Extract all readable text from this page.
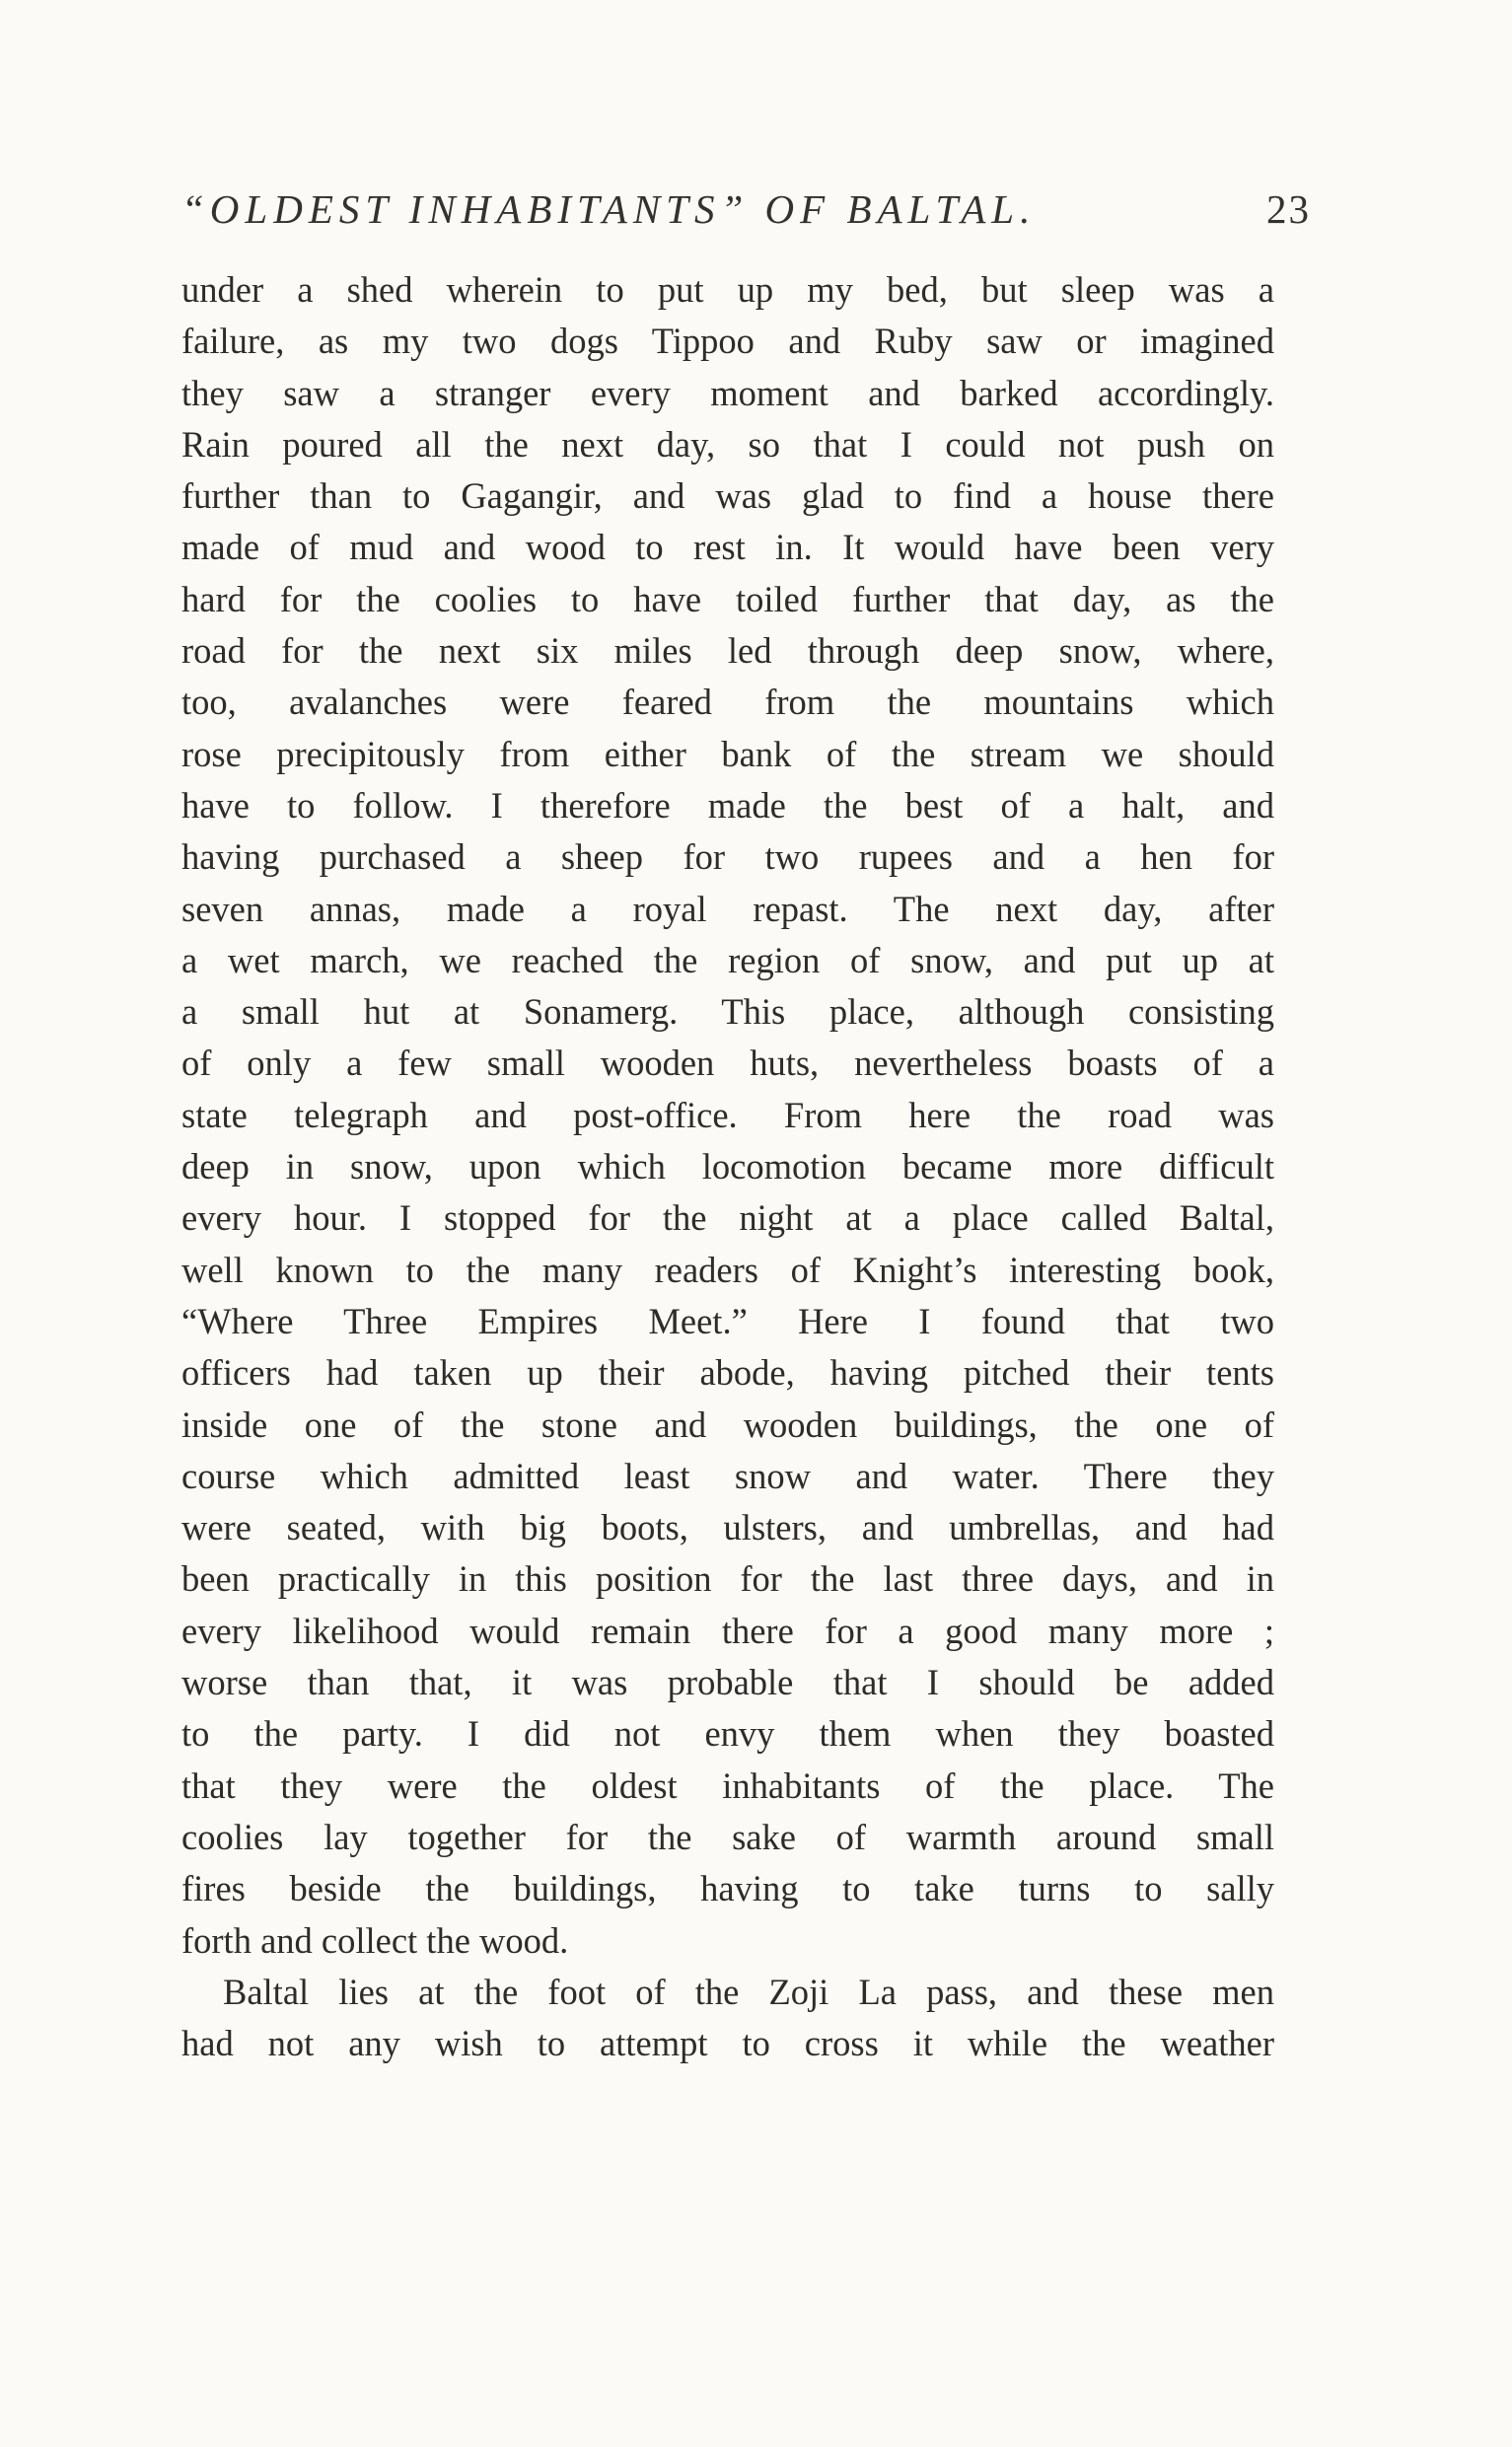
“OLDEST INHABITANTS” OF BALTAL.	23
under a shed wherein to put up my bed, but sleep was a
failure, as my two dogs Tippoo and Ruby saw or imagined
they saw a stranger every moment and barked accordingly.
Rain poured all the next day, so that I could not push on
further than to Gagangir, and was glad to find a house there
made of mud and wood to rest in. It would have been very
hard for the coolies to have toiled further that day, as the
road for the next six miles led through deep snow, where,
too, avalanches were feared from the mountains which
rose precipitously from either bank of the stream we should
have to follow. I therefore made the best of a halt, and
having purchased a sheep for two rupees and a hen for
seven annas, made a royal repast. The next day, after
a wet march, we reached the region of snow, and put up at
a small hut at Sonamerg. This place, although consisting
of only a few small wooden huts, nevertheless boasts of a
state telegraph and post-office. From here the road was
deep in snow, upon which locomotion became more difficult
every hour. I stopped for the night at a place called Baltal,
well known to the many readers of Knight’s interesting book,
“Where Three Empires Meet.” Here I found that two
officers had taken up their abode, having pitched their tents
inside one of the stone and wooden buildings, the one of
course which admitted least snow and water. There they
were seated, with big boots, ulsters, and umbrellas, and had
been practically in this position for the last three days, and in
every likelihood would remain there for a good many more ;
worse than that, it was probable that I should be added
to the party. I did not envy them when they boasted
that they were the oldest inhabitants of the place. The
coolies lay together for the sake of warmth around small
fires beside the buildings, having to take turns to sally
forth and collect the wood.
Baltal lies at the foot of the Zoji La pass, and these men
had not any wish to attempt to cross it while the weather
